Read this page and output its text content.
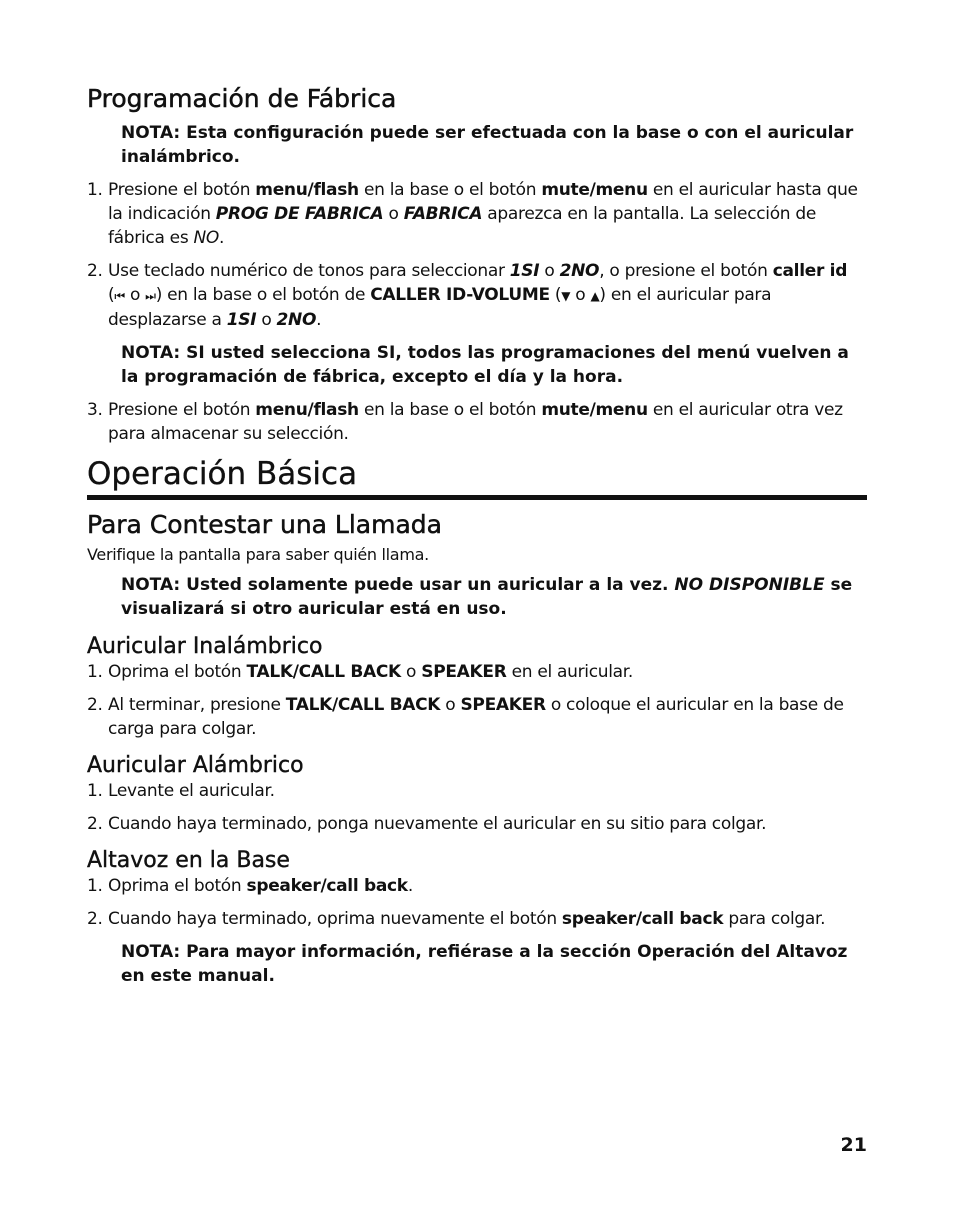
Programación de Fábrica
NOTA: Esta configuración puede ser efectuada con la base o con el auricular inalámbrico.
1. Presione el botón menu/flash en la base o el botón mute/menu en el auricular hasta que la indicación PROG DE FABRICA o FABRICA aparezca en la pantalla. La selección de fábrica es NO.
2. Use teclado numérico de tonos para seleccionar 1SI o 2NO, o presione el botón caller id (⏮ o ⏭) en la base o el botón de CALLER ID-VOLUME (▼ o ▲) en el auricular para desplazarse a 1SI o 2NO.
NOTA: SI usted selecciona SI, todos las programaciones del menú vuelven a la programación de fábrica, excepto el día y la hora.
3. Presione el botón menu/flash en la base o el botón mute/menu en el auricular otra vez para almacenar su selección.
Operación Básica
Para Contestar una Llamada
Verifique la pantalla para saber quién llama.
NOTA: Usted solamente puede usar un auricular a la vez. NO DISPONIBLE se visualizará si otro auricular está en uso.
Auricular Inalámbrico
1. Oprima el botón TALK/CALL BACK o SPEAKER en el auricular.
2. Al terminar, presione TALK/CALL BACK o SPEAKER o coloque el auricular en la base de carga para colgar.
Auricular Alámbrico
1. Levante el auricular.
2. Cuando haya terminado, ponga nuevamente el auricular en su sitio para colgar.
Altavoz en la Base
1. Oprima el botón speaker/call back.
2. Cuando haya terminado, oprima nuevamente el botón speaker/call back para colgar.
NOTA: Para mayor información, refiérase a la sección Operación del Altavoz en este manual.
21
